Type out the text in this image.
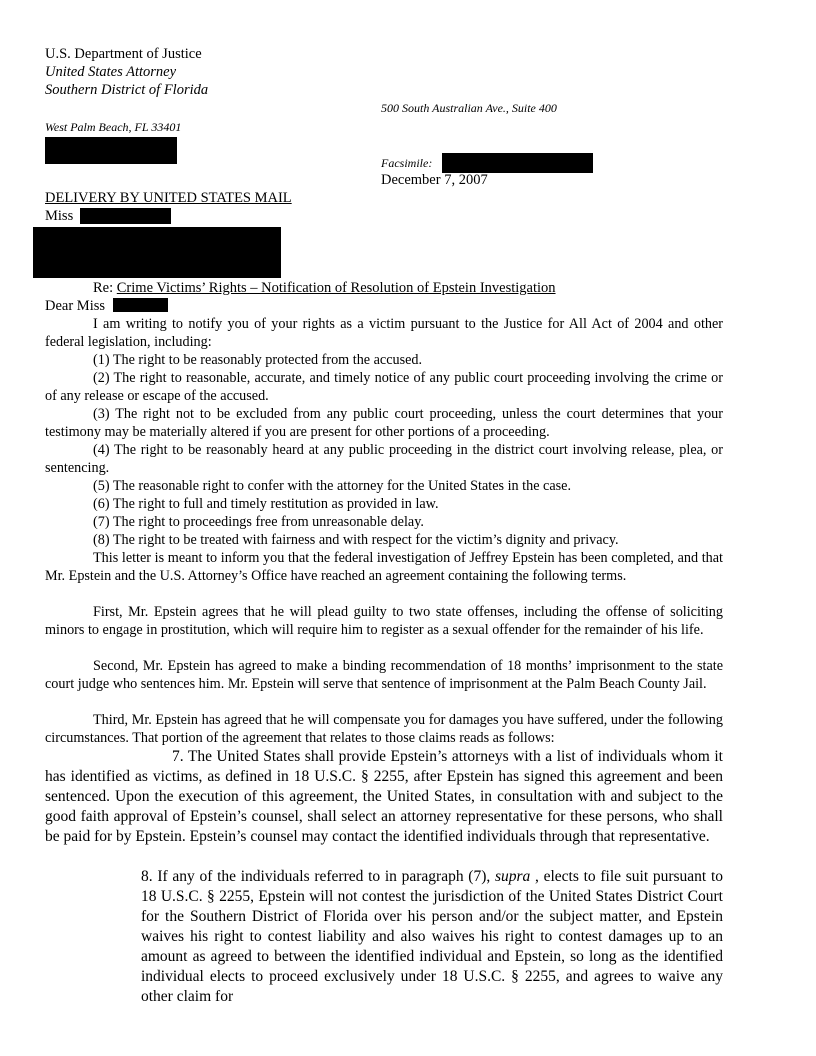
U.S. Department of Justice
United States Attorney
Southern District of Florida
500 South Australian Ave., Suite 400
West Palm Beach, FL 33401
Facsimile:
December 7, 2007
DELIVERY BY UNITED STATES MAIL
Miss
Re: Crime Victims’ Rights – Notification of Resolution of Epstein Investigation
Dear Miss
I am writing to notify you of your rights as a victim pursuant to the Justice for All Act of 2004 and other federal legislation, including:
(1) The right to be reasonably protected from the accused.
(2) The right to reasonable, accurate, and timely notice of any public court proceeding involving the crime or of any release or escape of the accused.
(3) The right not to be excluded from any public court proceeding, unless the court determines that your testimony may be materially altered if you are present for other portions of a proceeding.
(4) The right to be reasonably heard at any public proceeding in the district court involving release, plea, or sentencing.
(5) The reasonable right to confer with the attorney for the United States in the case.
(6) The right to full and timely restitution as provided in law.
(7) The right to proceedings free from unreasonable delay.
(8) The right to be treated with fairness and with respect for the victim’s dignity and privacy.
This letter is meant to inform you that the federal investigation of Jeffrey Epstein has been completed, and that Mr. Epstein and the U.S. Attorney’s Office have reached an agreement containing the following terms.
First, Mr. Epstein agrees that he will plead guilty to two state offenses, including the offense of soliciting minors to engage in prostitution, which will require him to register as a sexual offender for the remainder of his life.
Second, Mr. Epstein has agreed to make a binding recommendation of 18 months’ imprisonment to the state court judge who sentences him. Mr. Epstein will serve that sentence of imprisonment at the Palm Beach County Jail.
Third, Mr. Epstein has agreed that he will compensate you for damages you have suffered, under the following circumstances. That portion of the agreement that relates to those claims reads as follows:
7. The United States shall provide Epstein’s attorneys with a list of individuals whom it has identified as victims, as defined in 18 U.S.C. § 2255, after Epstein has signed this agreement and been sentenced. Upon the execution of this agreement, the United States, in consultation with and subject to the good faith approval of Epstein’s counsel, shall select an attorney representative for these persons, who shall be paid for by Epstein. Epstein’s counsel may contact the identified individuals through that representative.
8. If any of the individuals referred to in paragraph (7), supra , elects to file suit pursuant to 18 U.S.C. § 2255, Epstein will not contest the jurisdiction of the United States District Court for the Southern District of Florida over his person and/or the subject matter, and Epstein waives his right to contest liability and also waives his right to contest damages up to an amount as agreed to between the identified individual and Epstein, so long as the identified individual elects to proceed exclusively under 18 U.S.C. § 2255, and agrees to waive any other claim for
